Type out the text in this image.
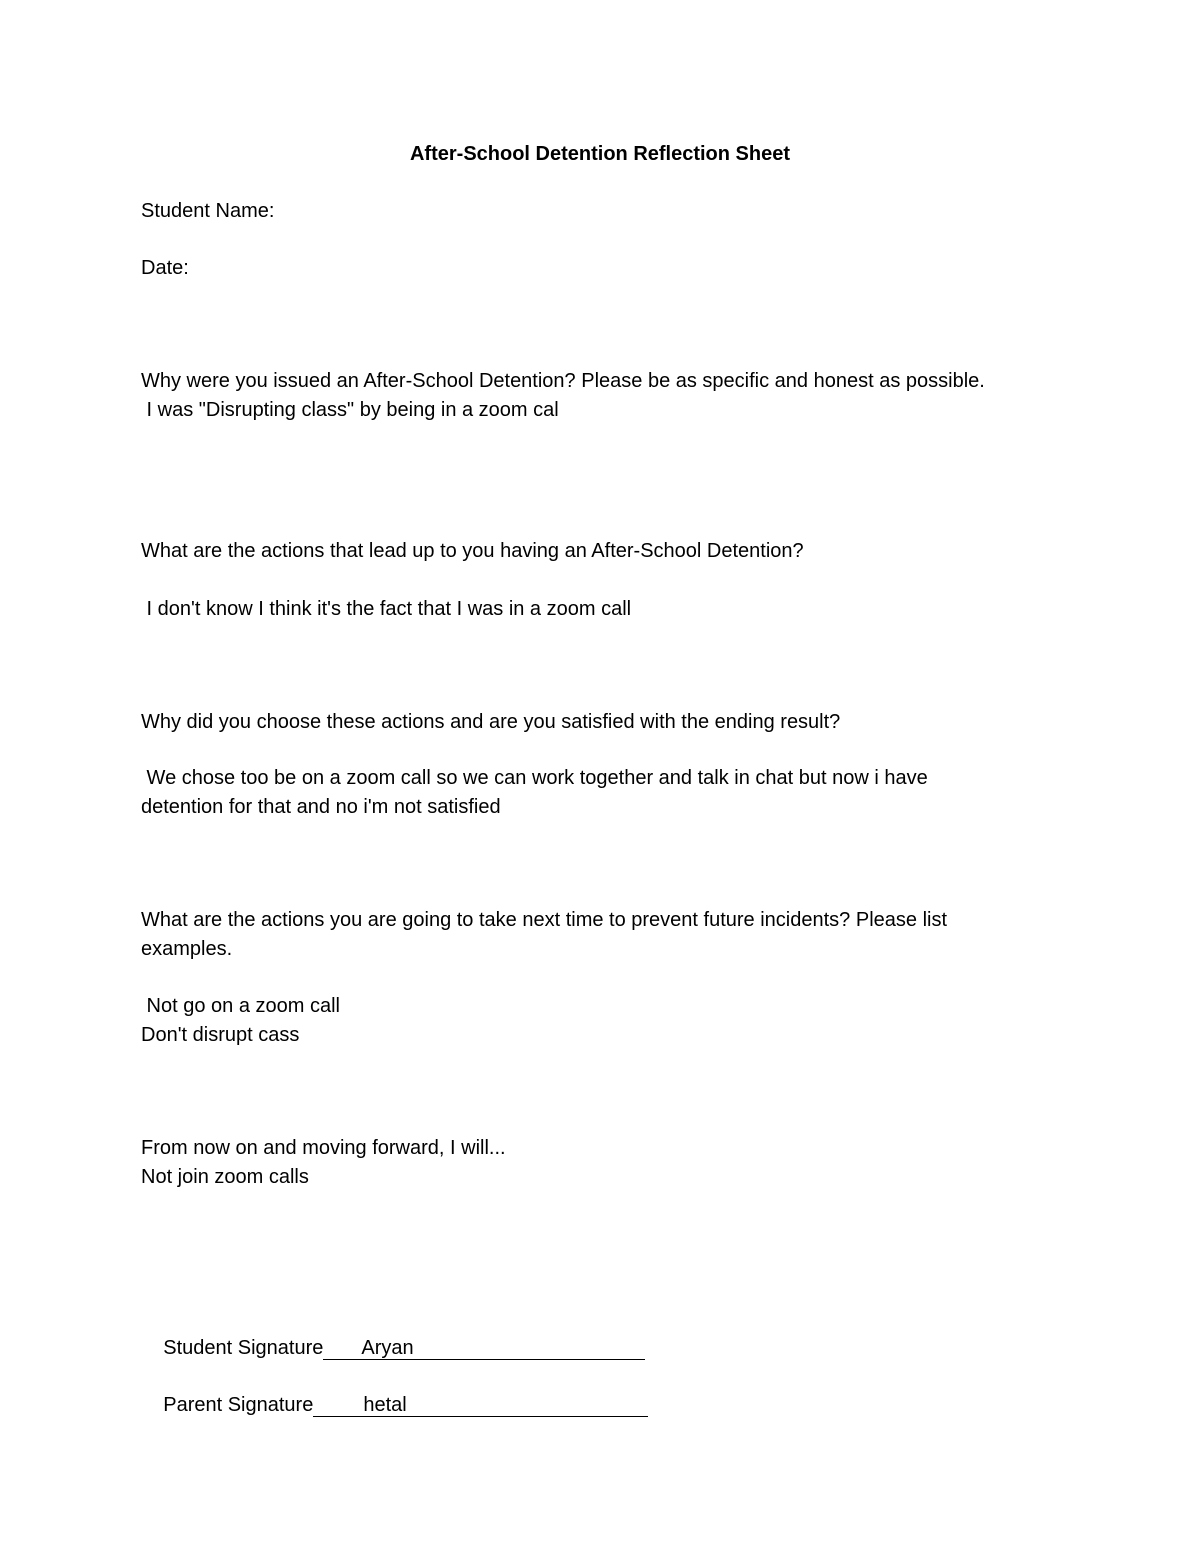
After-School Detention Reflection Sheet

Student Name:

Date:

Why were you issued an After-School Detention? Please be as specific and honest as possible.

I was "Disrupting class" by being in a zoom cal

What are the actions that lead up to you having an After-School Detention?

I don't know I think it's the fact that I was in a zoom call

Why did you choose these actions and are you satisfied with the ending result?

We chose too be on a zoom call so we can work together and talk in chat but now i have

detention for that and no i'm not satisfied

What are the actions you are going to take next time to prevent future incidents? Please list

examples.

Not go on a zoom call

Don't disrupt cass

From now on and moving forward, I will...

Not join zoom calls

Student Signature Aryan

Parent Signature	hetal
